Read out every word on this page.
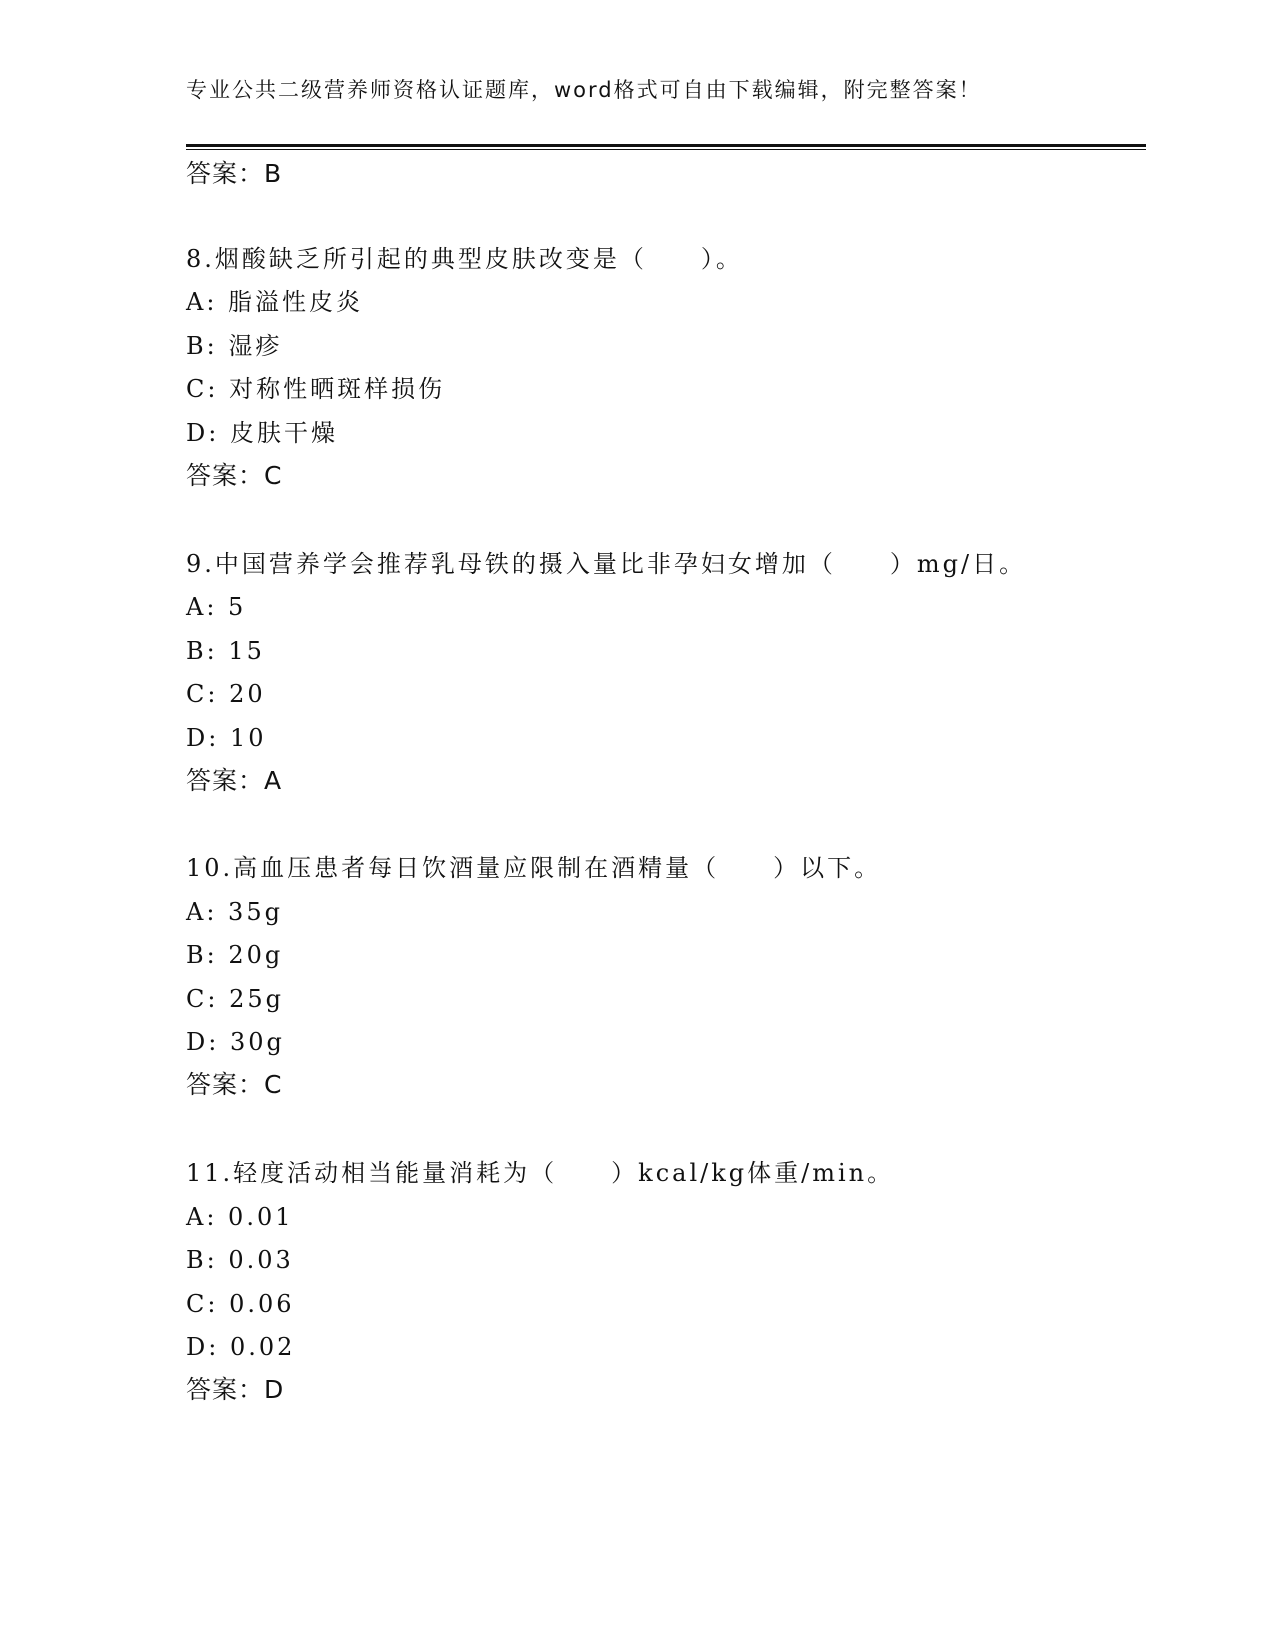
专业公共二级营养师资格认证题库，word格式可自由下载编辑，附完整答案！
答案：B
8.烟酸缺乏所引起的典型皮肤改变是（　　）。
A: 脂溢性皮炎
B: 湿疹
C: 对称性晒斑样损伤
D: 皮肤干燥
答案：C
9.中国营养学会推荐乳母铁的摄入量比非孕妇女增加（　　）mg/日。
A: 5
B: 15
C: 20
D: 10
答案：A
10.高血压患者每日饮酒量应限制在酒精量（　　）以下。
A: 35g
B: 20g
C: 25g
D: 30g
答案：C
11.轻度活动相当能量消耗为（　　）kcal/kg体重/min。
A: 0.01
B: 0.03
C: 0.06
D: 0.02
答案：D
